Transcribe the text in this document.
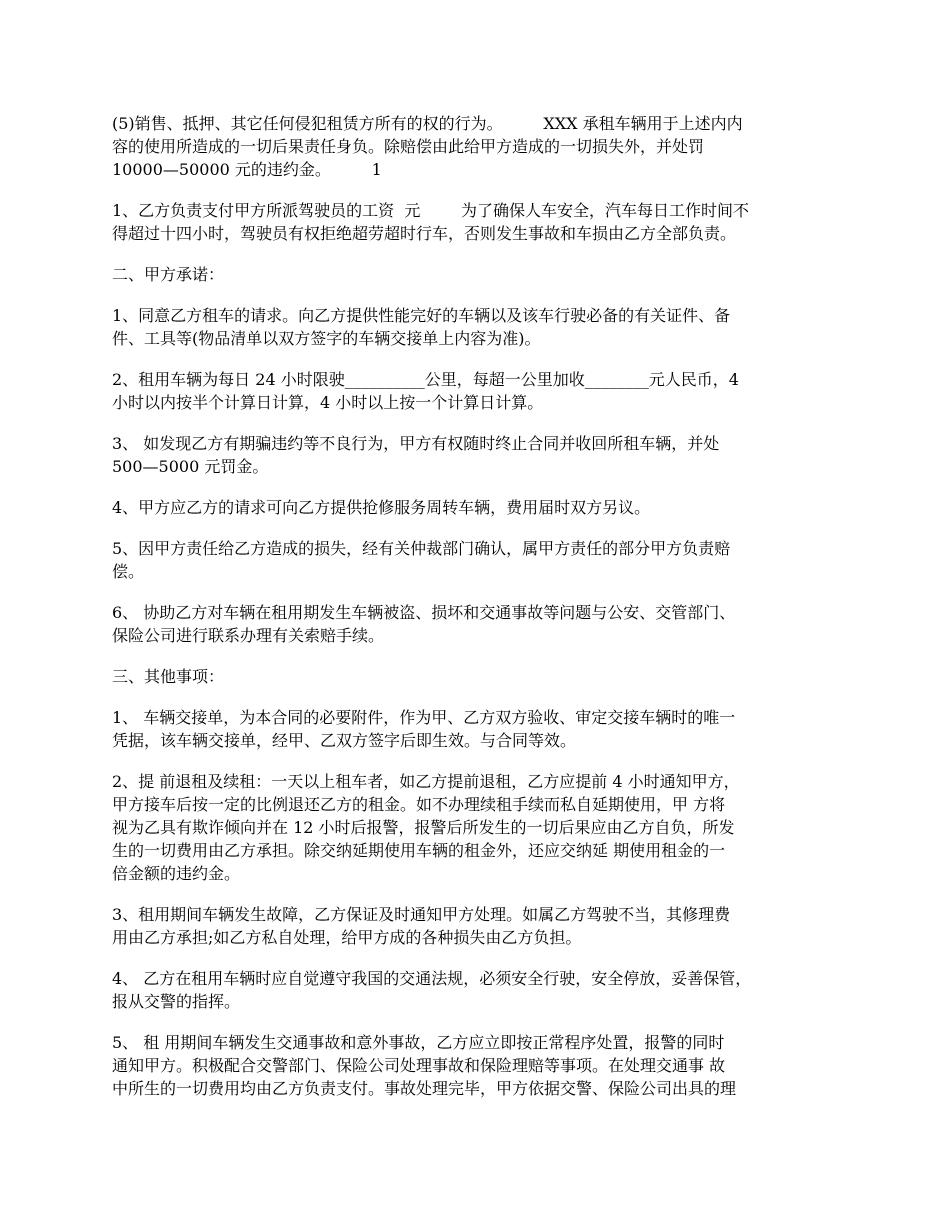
(5)销售、抵押、其它任何侵犯租赁方所有的权的行为。        XXX 承租车辆用于上述内内
容的使用所造成的一切后果责任身负。除赔偿由此给甲方造成的一切损失外，并处罚
10000—50000 元的违约金。        1

1、乙方负责支付甲方所派驾驶员的工资  元        为了确保人车安全，汽车每日工作时间不
得超过十四小时，驾驶员有权拒绝超劳超时行车，否则发生事故和车损由乙方全部负责。

二、甲方承诺：

1、同意乙方租车的请求。向乙方提供性能完好的车辆以及该车行驶必备的有关证件、备
件、工具等(物品清单以双方签字的车辆交接单上内容为准)。

2、租用车辆为每日 24 小时限驶__________公里，每超一公里加收________元人民币，4
小时以内按半个计算日计算，4 小时以上按一个计算日计算。

3、 如发现乙方有期骗违约等不良行为，甲方有权随时终止合同并收回所租车辆，并处
500—5000 元罚金。

4、甲方应乙方的请求可向乙方提供抢修服务周转车辆，费用届时双方另议。

5、因甲方责任给乙方造成的损失，经有关仲裁部门确认，属甲方责任的部分甲方负责赔
偿。

6、 协助乙方对车辆在租用期发生车辆被盗、损坏和交通事故等问题与公安、交管部门、
保险公司进行联系办理有关索赔手续。

三、其他事项：

1、 车辆交接单，为本合同的必要附件，作为甲、乙方双方验收、审定交接车辆时的唯一
凭据，该车辆交接单，经甲、乙双方签字后即生效。与合同等效。

2、提 前退租及续租：一天以上租车者，如乙方提前退租，乙方应提前 4 小时通知甲方，
甲方接车后按一定的比例退还乙方的租金。如不办理续租手续而私自延期使用，甲 方将
视为乙具有欺诈倾向并在 12 小时后报警，报警后所发生的一切后果应由乙方自负，所发
生的一切费用由乙方承担。除交纳延期使用车辆的租金外，还应交纳延 期使用租金的一
倍金额的违约金。

3、租用期间车辆发生故障，乙方保证及时通知甲方处理。如属乙方驾驶不当，其修理费
用由乙方承担;如乙方私自处理，给甲方成的各种损失由乙方负担。

4、 乙方在租用车辆时应自觉遵守我国的交通法规，必须安全行驶，安全停放，妥善保管，
报从交警的指挥。

5、 租 用期间车辆发生交通事故和意外事故，乙方应立即按正常程序处置，报警的同时
通知甲方。积极配合交警部门、保险公司处理事故和保险理赔等事项。在处理交通事 故
中所生的一切费用均由乙方负责支付。事故处理完毕，甲方依据交警、保险公司出具的理
